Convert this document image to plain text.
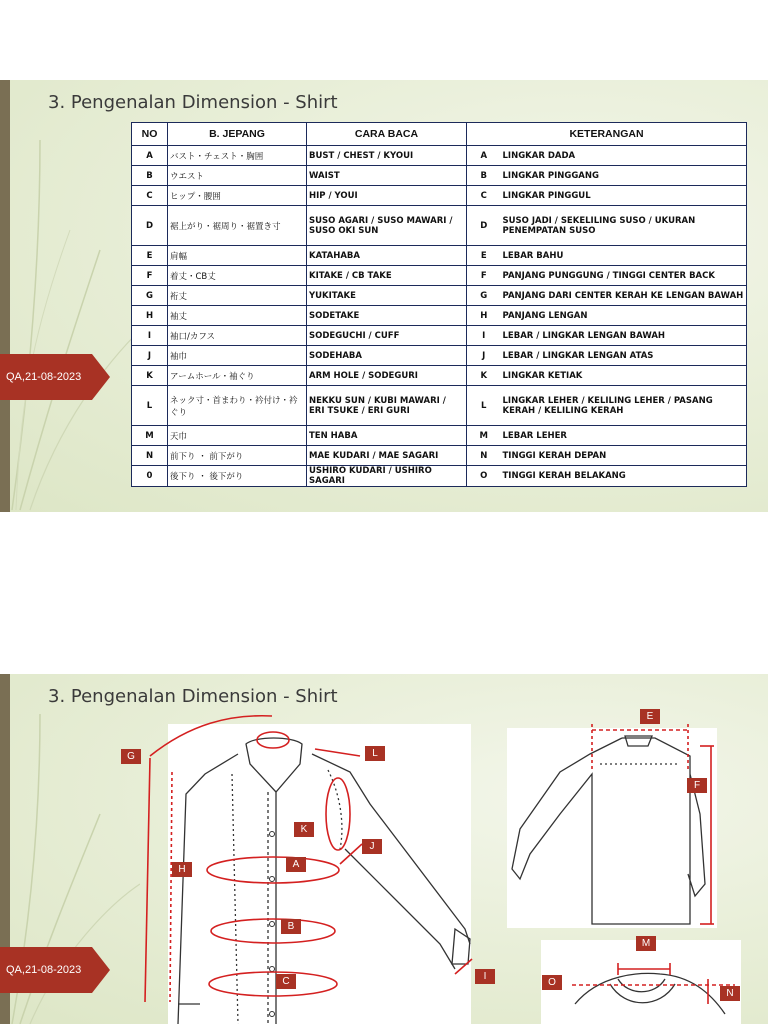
3. Pengenalan Dimension - Shirt
QA,21-08-2023
NO	B. JEPANG	CARA BACA	KETERANGAN	
A	バスト・チェスト・胸囲	BUST / CHEST / KYOUI	A	LINGKAR DADA
B	ウエスト	WAIST	B	LINGKAR PINGGANG
C	ヒップ・腰囲	HIP / YOUI	C	LINGKAR PINGGUL
D	裾上がり・裾周り・裾置き寸	SUSO AGARI / SUSO MAWARI / SUSO OKI SUN	D	SUSO JADI / SEKELILING SUSO / UKURAN PENEMPATAN SUSO
E	肩幅	KATAHABA	E	LEBAR BAHU
F	着丈・CB丈	KITAKE / CB TAKE	F	PANJANG PUNGGUNG / TINGGI CENTER BACK
G	裄丈	YUKITAKE	G	PANJANG DARI CENTER KERAH KE LENGAN BAWAH
H	袖丈	SODETAKE	H	PANJANG LENGAN
I	袖口/カフス	SODEGUCHI / CUFF	I	LEBAR / LINGKAR LENGAN BAWAH
J	袖巾	SODEHABA	J	LEBAR / LINGKAR LENGAN ATAS
K	アームホール・袖ぐり	ARM HOLE / SODEGURI	K	LINGKAR KETIAK
L	ネック寸・首まわり・衿付け・衿ぐり	NEKKU SUN / KUBI MAWARI / ERI TSUKE / ERI GURI	L	LINGKAR LEHER / KELILING LEHER / PASANG KERAH / KELILING KERAH
M	天巾	TEN HABA	M	LEBAR LEHER
N	前下り ・ 前下がり	MAE KUDARI / MAE SAGARI	N	TINGGI KERAH DEPAN
0	後下り ・ 後下がり	USHIRO KUDARI / USHIRO SAGARI	O	TINGGI KERAH BELAKANG
3. Pengenalan Dimension - Shirt
QA,21-08-2023
A
B
C
E
F
G
H
I
J
K
L
M
N
O
